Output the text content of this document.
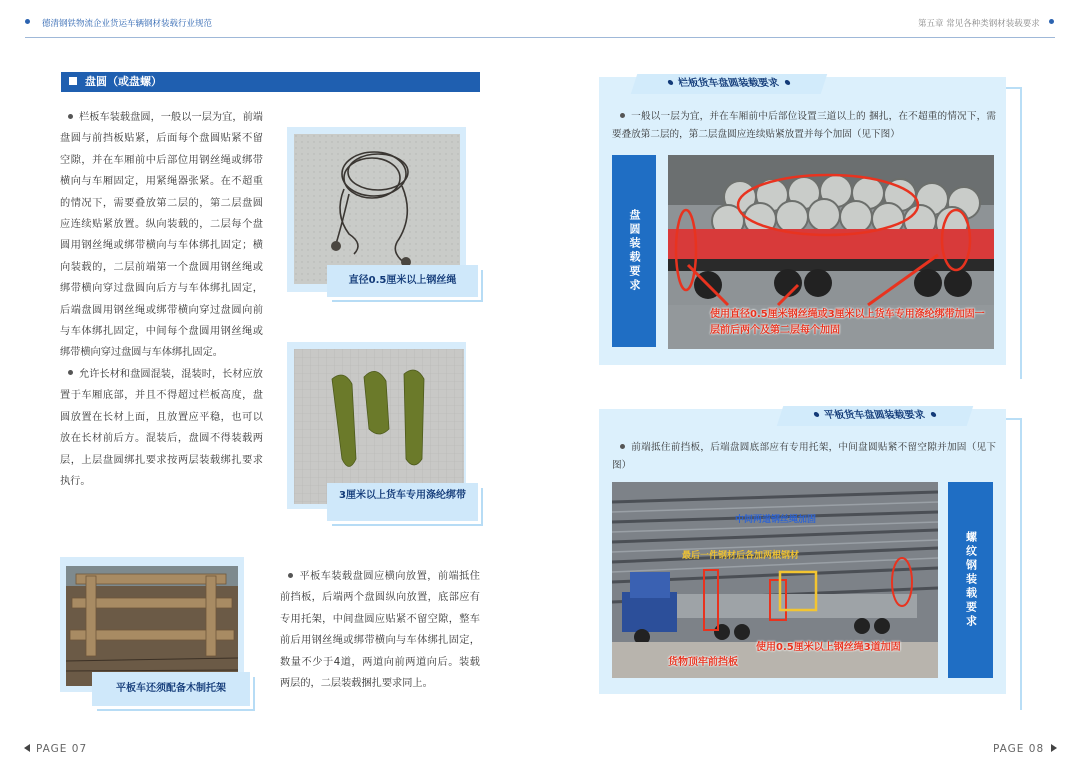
德清钢铁物流企业货运车辆钢材装载行业规范	第五章 常见各种类钢材装载要求
盘圆（或盘螺）

栏板车装载盘圆，一般以一层为宜，前端盘圆与前挡板贴紧，后面每个盘圆贴紧不留空隙，并在车厢前中后部位用钢丝绳或绑带横向与车厢固定，用紧绳器张紧。在不超重的情况下，需要叠放第二层的，第二层盘圆应连续贴紧放置。纵向装载的，二层每个盘圆用钢丝绳或绑带横向与车体绑扎固定；横向装载的，二层前端第一个盘圆用钢丝绳或绑带横向穿过盘圆向后方与车体绑扎固定，后端盘圆用钢丝绳或绑带横向穿过盘圆向前与车体绑扎固定，中间每个盘圆用钢丝绳或绑带横向穿过盘圆与车体绑扎固定。

允许长材和盘圆混装，混装时，长材应放置于车厢底部，并且不得超过栏板高度，盘圆放置在长材上面，且放置应平稳，也可以放在长材前后方。混装后，盘圆不得装载两层，上层盘圆绑扎要求按两层装载绑扎要求执行。

直径0.5厘米以上钢丝绳
3厘米以上货车专用涤纶绑带
平板车还须配备木制托架

平板车装载盘圆应横向放置，前端抵住前挡板，后端两个盘圆纵向放置，底部应有专用托架，中间盘圆应贴紧不留空隙，整车前后用钢丝绳或绑带横向与车体绑扎固定，数量不少于4道，两道向前两道向后。装载两层的，二层装载捆扎要求同上。

栏板货车盘圆装载要求

一般以一层为宜，并在车厢前中后部位设置三道以上的 捆扎，在不超重的情况下，需要叠放第二层的，第二层盘圆应连续贴紧放置并每个加固（见下图）

盘圆装载要求
使用直径0.5厘米钢丝绳或3厘米以上货车专用涤纶绑带加固一层前后两个及第二层每个加固
平板货车盘圆装载要求

前端抵住前挡板，后端盘圆底部应有专用托架，中间盘圆贴紧不留空隙并加固（见下图）

中间两道钢丝绳加固
最后一件钢材后各加两根钢材
货物顶牢前挡板
使用0.5厘米以上钢丝绳3道加固
螺纹钢装载要求
PAGE 07	PAGE 08
